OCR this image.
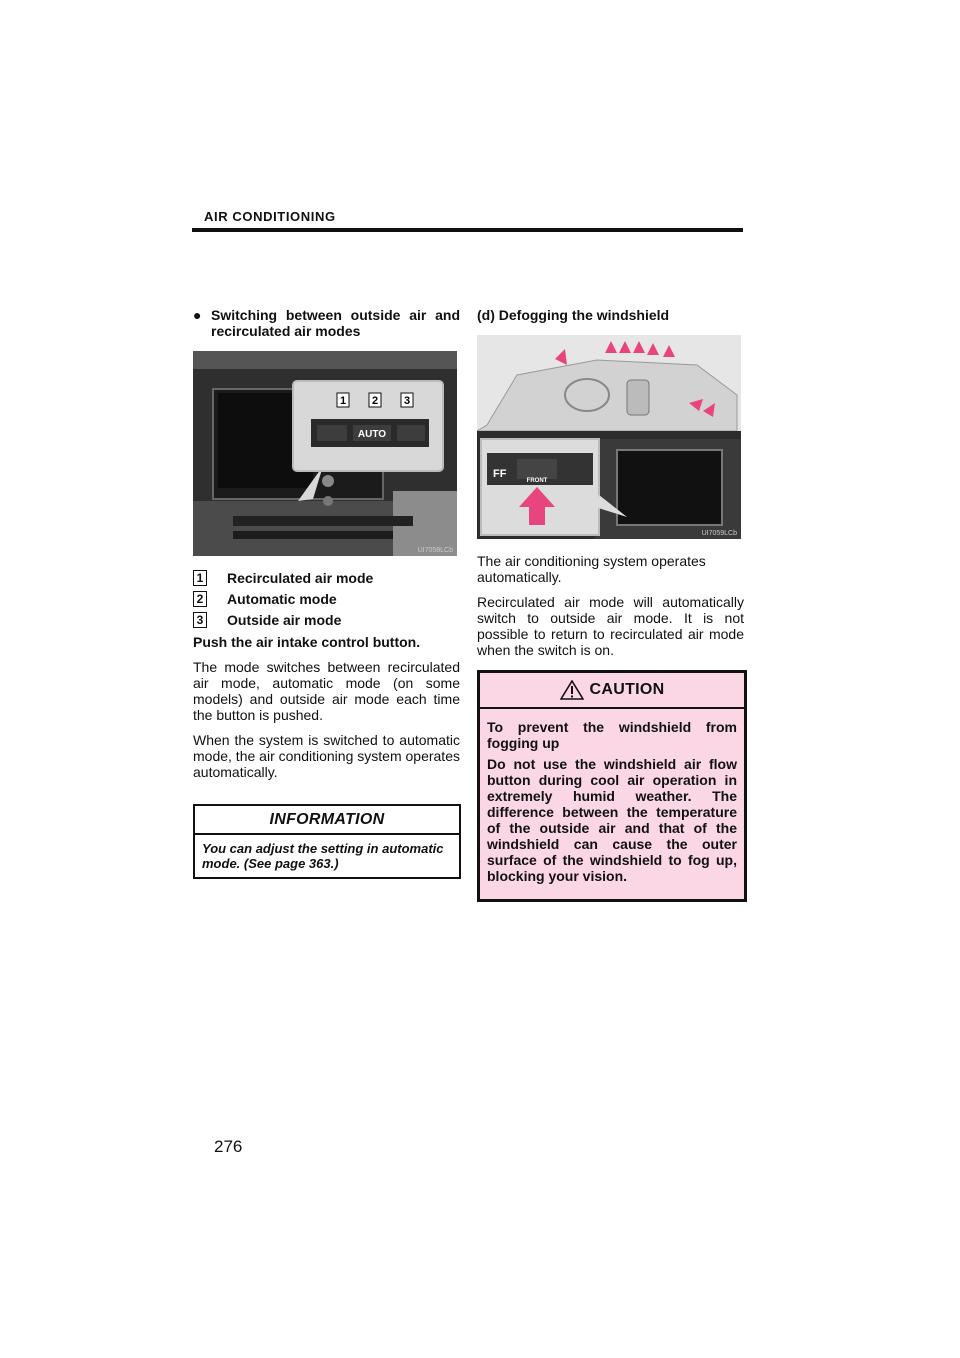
AIR CONDITIONING
● Switching between outside air and recirculated air modes
AUTO
1 2 3
UI7058LCb
1 Recirculated air mode
2 Automatic mode
3 Outside air mode
Push the air intake control button.
The mode switches between recirculated air mode, automatic mode (on some models) and outside air mode each time the button is pushed.
When the system is switched to automatic mode, the air conditioning system operates automatically.
INFORMATION
You can adjust the setting in automatic mode. (See page 363.)
(d) Defogging the windshield
FRONT
FF
UI7059LCb
The air conditioning system operates automatically.
Recirculated air mode will automatically switch to outside air mode. It is not possible to return to recirculated air mode when the switch is on.
CAUTION

To prevent the windshield from fogging up

Do not use the windshield air flow button during cool air operation in extremely humid weather. The difference between the temperature of the outside air and that of the windshield can cause the outer surface of the windshield to fog up, blocking your vision.

276
